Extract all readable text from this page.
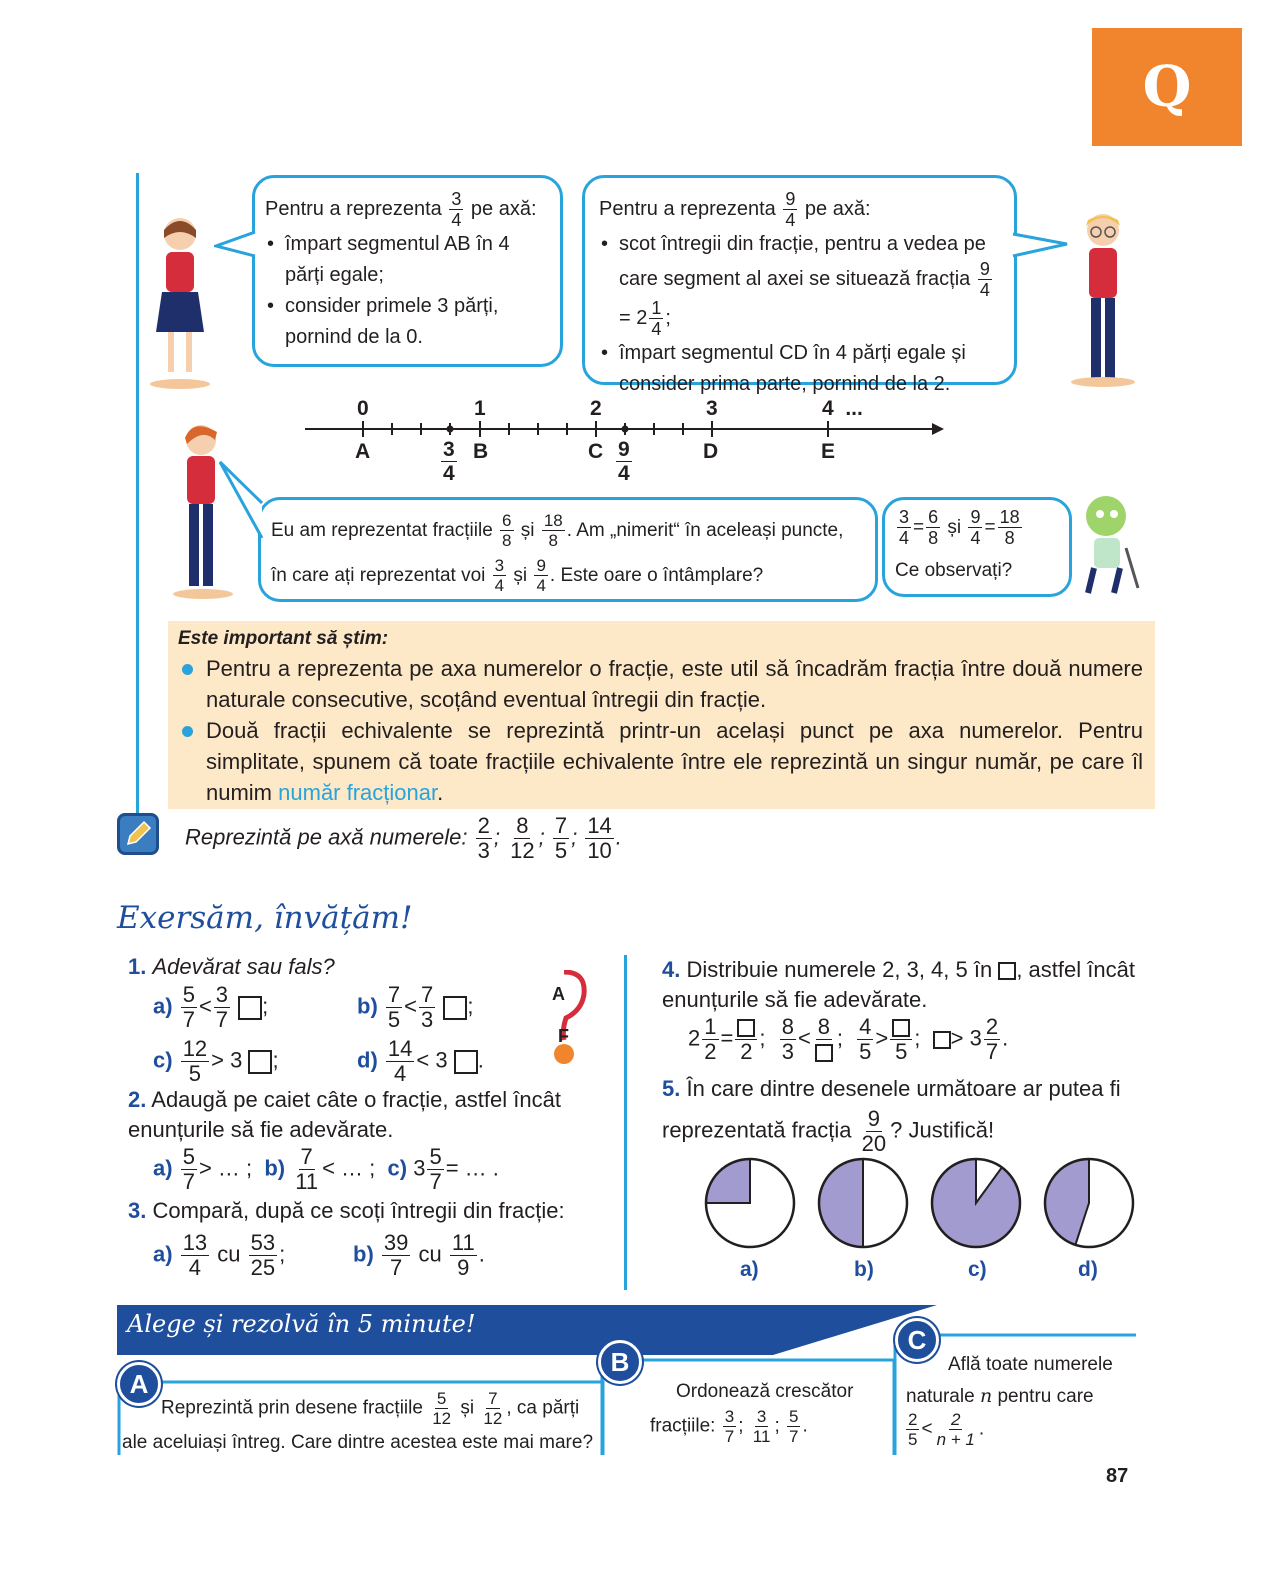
Q
Pentru a reprezenta $\frac{3}{4}$ pe axă:
• împart segmentul AB în 4 părți egale;
• consider primele 3 părți, pornind de la 0.
Pentru a reprezenta $\frac{9}{4}$ pe axă:
• scot întregii din fracție, pentru a vedea pe care segment al axei se situează fracția $\frac{9}{4}$
= $2 \frac{1}{4}$ ;
• împart segmentul CD în 4 părți egale și consider prima parte, pornind de la 2.
0	1	2	3	4  ...
A	B	C	D	E
$\frac{3}{4}$	$\frac{9}{4}$
Eu am reprezentat fracțiile $\frac{6}{8}$ și $\frac{18}{8}$ . Am „nimerit“ în aceleași puncte,
în care ați reprezentat voi $\frac{3}{4}$ și $\frac{9}{4}$ . Este oare o întâmplare?
$\frac{3}{4} = \frac{6}{8}$ și $\frac{9}{4} = \frac{18}{8}$
Ce observați?
Este important să știm:
Pentru a reprezenta pe axa numerelor o fracție, este util să încadrăm fracția între două numere naturale consecutive, scoțând eventual întregii din fracție.
Două fracții echivalente se reprezintă printr-un același punct pe axa numerelor. Pentru simplitate, spunem că toate fracțiile echivalente între ele reprezintă un singur număr, pe care îl numim număr fracționar.
Reprezintă pe axă numerele: $\frac{2}{3}$ ; $\frac{8}{12}$ ; $\frac{7}{5}$ ; $\frac{14}{10}$ .
Exersăm, învățăm!
1. Adevărat sau fals?
$a) \frac{5}{7} < \frac{3}{7}$ ;	$b) \frac{7}{5} < \frac{7}{3}$ ;
$c) \frac{12}{5} > 3$ ;	$d) \frac{14}{4} < 3$ .
A
F
2. Adaugă pe caiet câte o fracție, astfel încât enunțurile să fie adevărate.
$a) \frac{5}{7}$ > … ;  $b) \frac{7}{11}$ < … ;  c) $3 \frac{5}{7}$ = … .
3. Compară, după ce scoți întregii din fracție:
$a) \frac{13}{4}$ cu $\frac{53}{25}$ ;	$b) \frac{39}{7}$ cu $\frac{11}{9}$ .
4. Distribuie numerele 2, 3, 4, 5 în , astfel încât enunțurile să fie adevărate.
$2 \frac{1}{2}$ =
2
; $\frac{8}{3} < 8$ ; $\frac{4}{5}$ >
5
;  > $3 \frac{2}{7}$ .
5. În care dintre desenele următoare ar putea fi reprezentată fracția $\frac{9}{20}$ ? Justifică!
a)	b)	c)	d)
Alege și rezolvă în 5 minute!
A
Reprezintă prin desene fracțiile $\frac{5}{12}$ și $\frac{7}{12}$ , ca părți
ale aceluiași întreg. Care dintre acestea este mai mare?
B
Ordonează crescător
fracțiile: $\frac{3}{7}$ ; $\frac{3}{11}$ ; $\frac{5}{7}$ .
C
Află toate numerele
naturale n pentru care
$\frac{2}{5} < \frac{2}{n + 1}$ .
87
